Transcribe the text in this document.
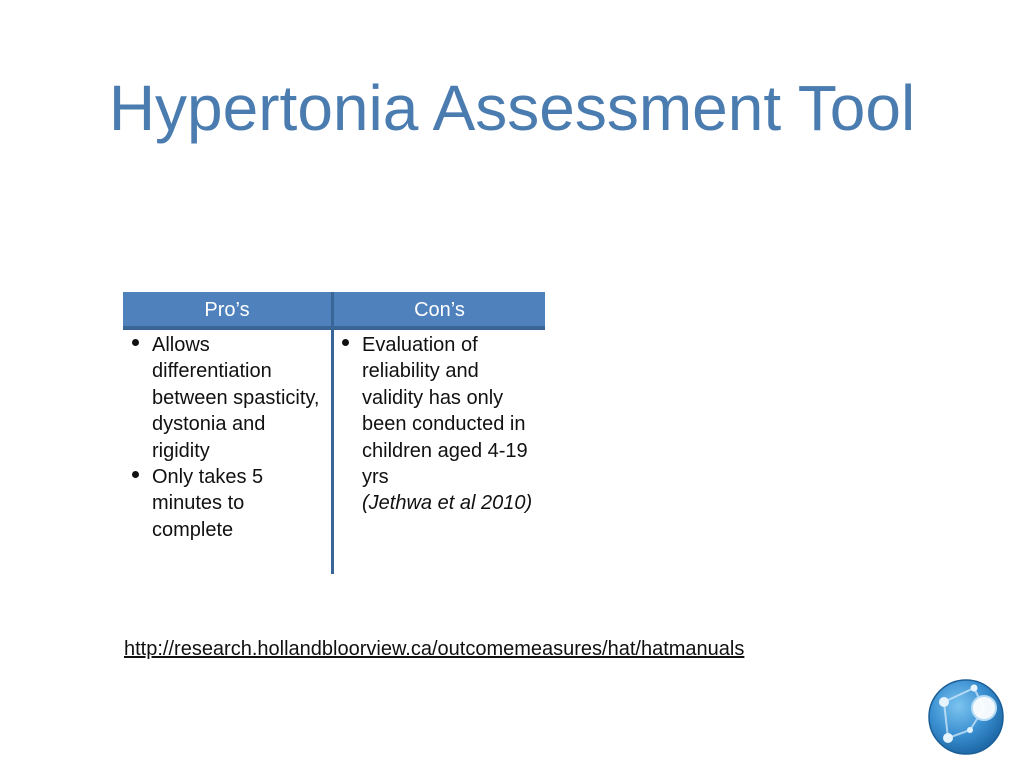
Hypertonia Assessment Tool
Pro’s	Con’s
Allows differentiation between spasticity, dystonia and rigidity
Only takes 5 minutes to complete
Evaluation of reliability and validity has only been conducted in children aged 4-19 yrs
(Jethwa et al 2010)
http://research.hollandbloorview.ca/outcomemeasures/hat/hatmanuals
